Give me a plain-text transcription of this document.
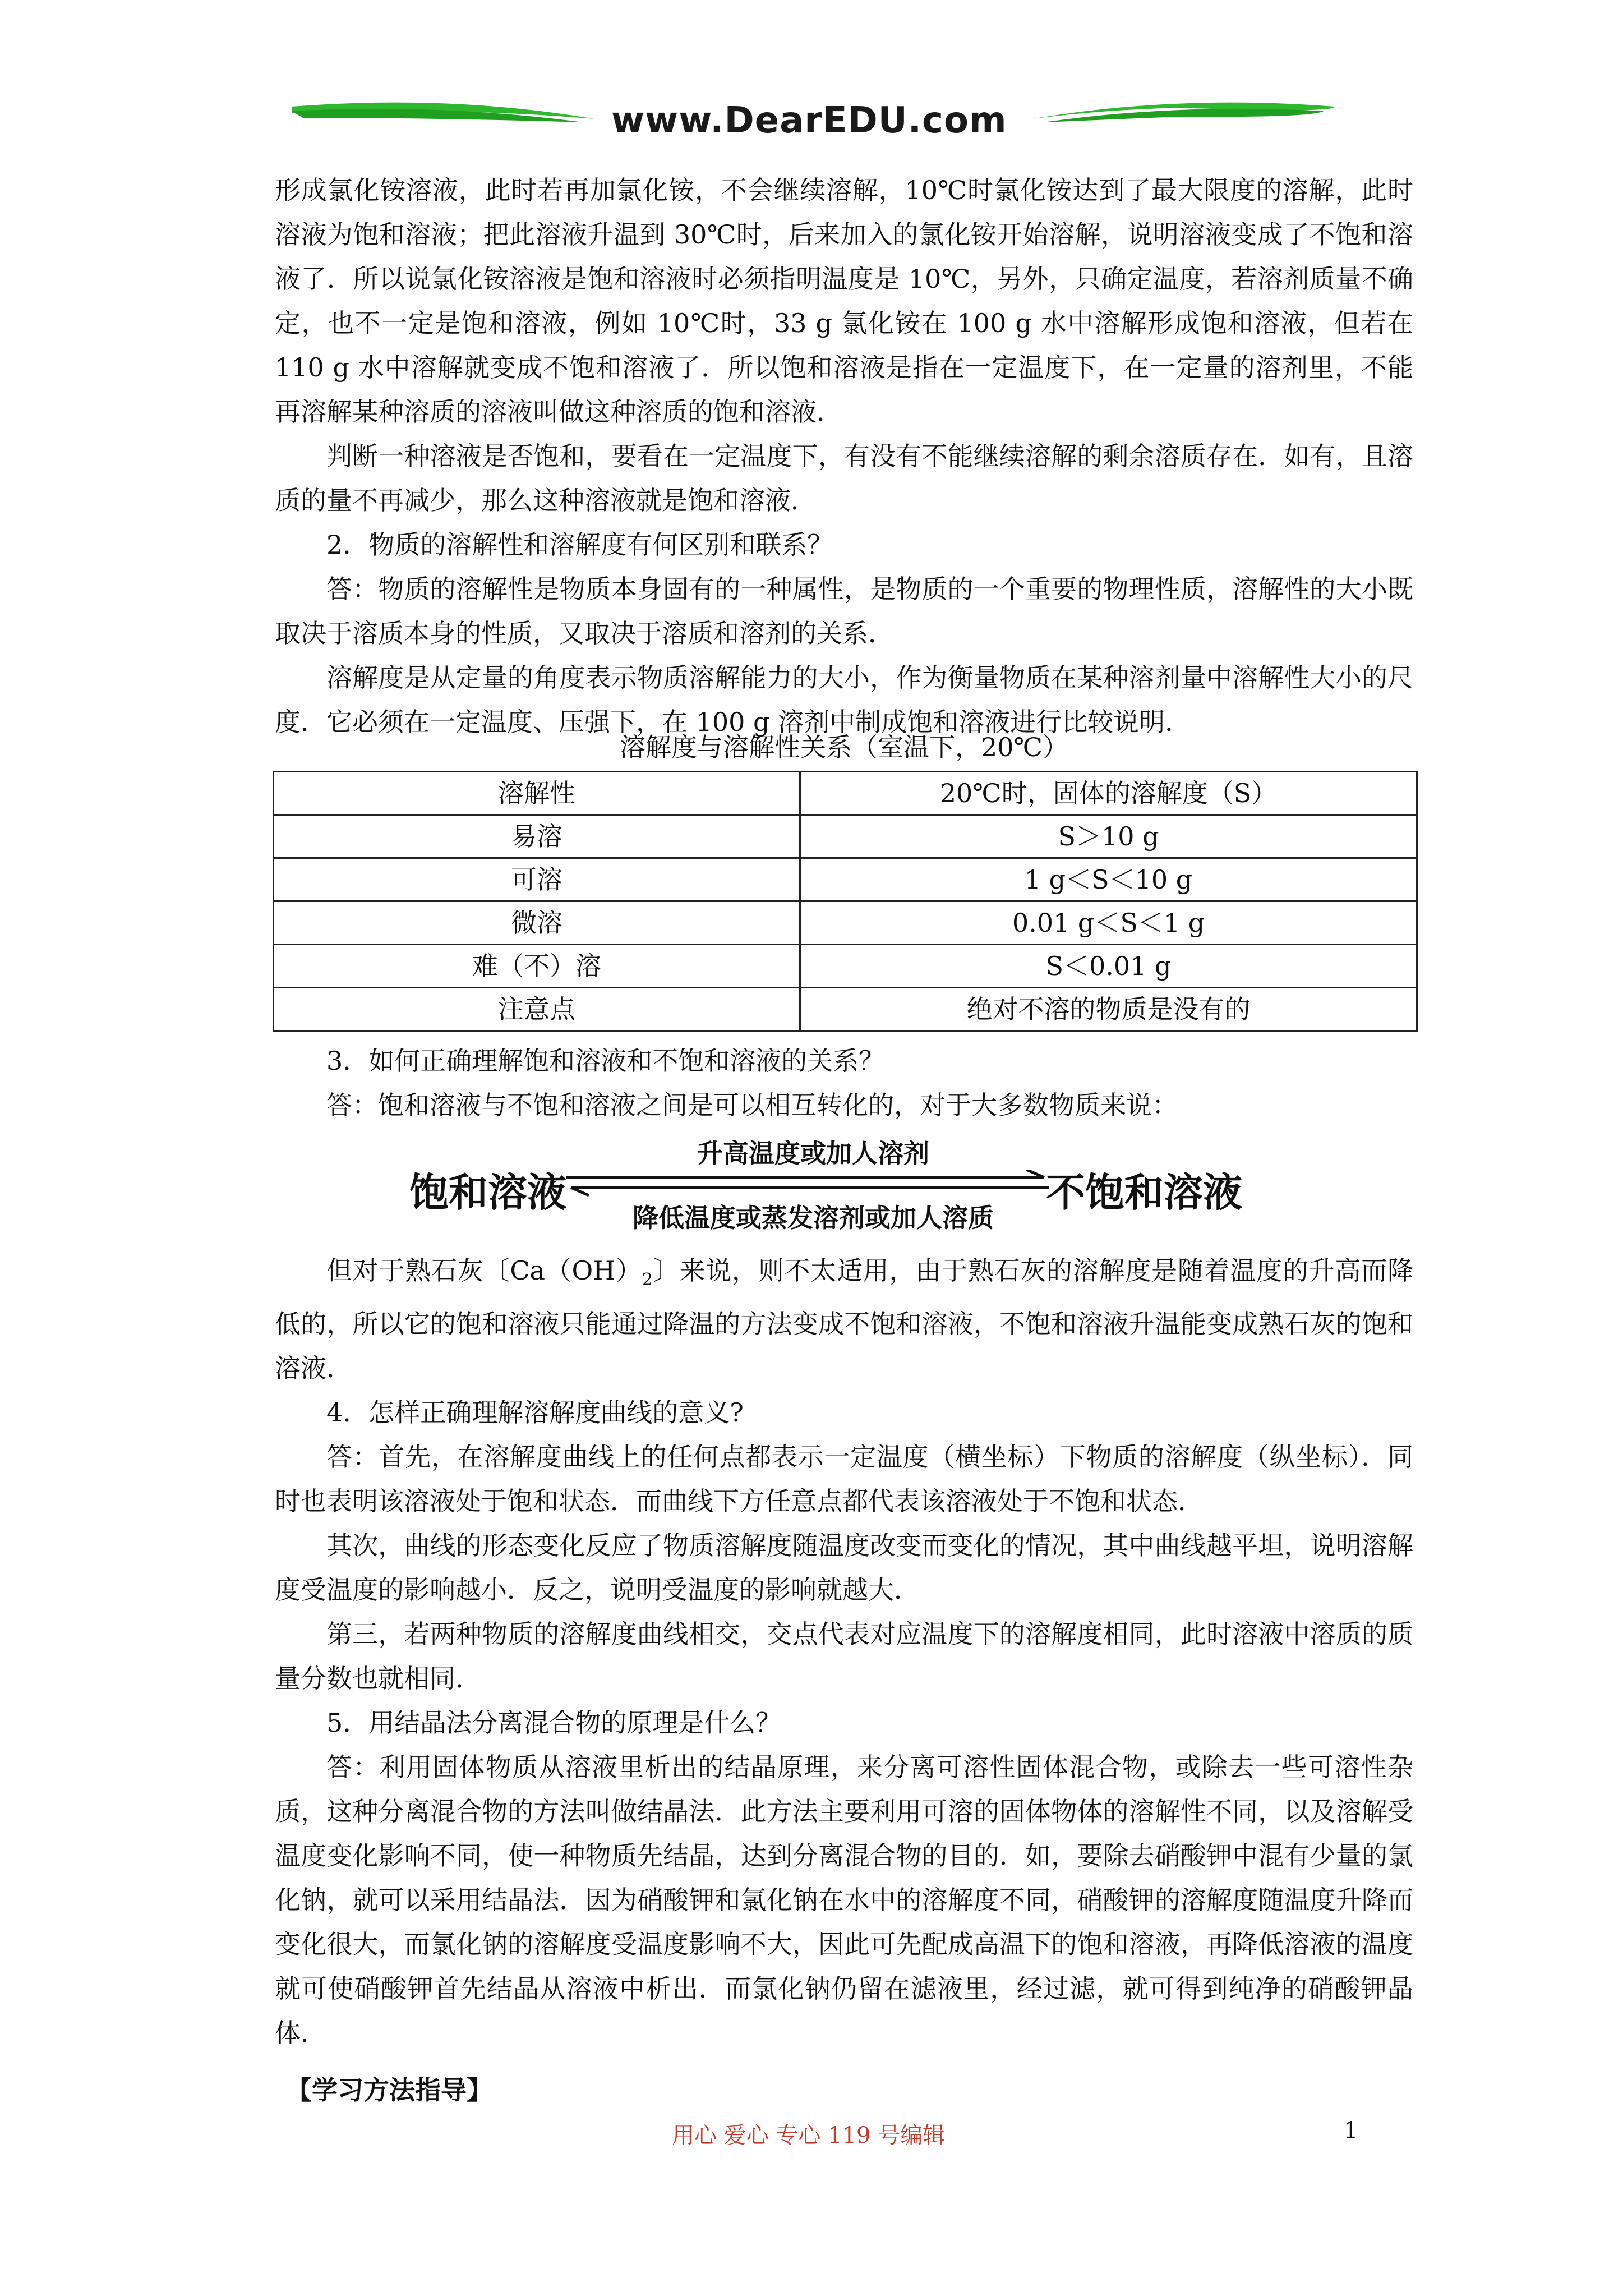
www.DearEDU.com

形成氯化铵溶液，此时若再加氯化铵，不会继续溶解，10℃时氯化铵达到了最大限度的溶解，此时溶液为饱和溶液；把此溶液升温到 30℃时，后来加入的氯化铵开始溶解，说明溶液变成了不饱和溶液了．所以说氯化铵溶液是饱和溶液时必须指明温度是 10℃，另外，只确定温度，若溶剂质量不确定，也不一定是饱和溶液，例如 10℃时，33 g 氯化铵在 100 g 水中溶解形成饱和溶液，但若在 110 g 水中溶解就变成不饱和溶液了．所以饱和溶液是指在一定温度下，在一定量的溶剂里，不能再溶解某种溶质的溶液叫做这种溶质的饱和溶液．

判断一种溶液是否饱和，要看在一定温度下，有没有不能继续溶解的剩余溶质存在．如有，且溶质的量不再减少，那么这种溶液就是饱和溶液．

2．物质的溶解性和溶解度有何区别和联系？

答：物质的溶解性是物质本身固有的一种属性，是物质的一个重要的物理性质，溶解性的大小既取决于溶质本身的性质，又取决于溶质和溶剂的关系．

溶解度是从定量的角度表示物质溶解能力的大小，作为衡量物质在某种溶剂量中溶解性大小的尺度．它必须在一定温度、压强下，在 100 g 溶剂中制成饱和溶液进行比较说明．

溶解度与溶解性关系（室温下，20℃）
溶解性	20℃时，固体的溶解度（S）
易溶	S＞10 g
可溶	1 g＜S＜10 g
微溶	0.01 g＜S＜1 g
难（不）溶	S＜0.01 g
注意点	绝对不溶的物质是没有的

3．如何正确理解饱和溶液和不饱和溶液的关系？

答：饱和溶液与不饱和溶液之间是可以相互转化的，对于大多数物质来说：

升高温度或加人溶剂
饱和溶液	不饱和溶液
降低温度或蒸发溶剂或加人溶质

但对于熟石灰〔$Ca(OH)_2$〕来说，则不太适用，由于熟石灰的溶解度是随着温度的升高而降低的，所以它的饱和溶液只能通过降温的方法变成不饱和溶液，不饱和溶液升温能变成熟石灰的饱和溶液．

4．怎样正确理解溶解度曲线的意义?

答：首先，在溶解度曲线上的任何点都表示一定温度（横坐标）下物质的溶解度（纵坐标）．同时也表明该溶液处于饱和状态．而曲线下方任意点都代表该溶液处于不饱和状态．

其次，曲线的形态变化反应了物质溶解度随温度改变而变化的情况，其中曲线越平坦，说明溶解度受温度的影响越小．反之，说明受温度的影响就越大．

第三，若两种物质的溶解度曲线相交，交点代表对应温度下的溶解度相同，此时溶液中溶质的质量分数也就相同．

5．用结晶法分离混合物的原理是什么？

答：利用固体物质从溶液里析出的结晶原理，来分离可溶性固体混合物，或除去一些可溶性杂质，这种分离混合物的方法叫做结晶法．此方法主要利用可溶的固体物体的溶解性不同，以及溶解受温度变化影响不同，使一种物质先结晶，达到分离混合物的目的．如，要除去硝酸钾中混有少量的氯化钠，就可以采用结晶法．因为硝酸钾和氯化钠在水中的溶解度不同，硝酸钾的溶解度随温度升降而变化很大，而氯化钠的溶解度受温度影响不大，因此可先配成高温下的饱和溶液，再降低溶液的温度就可使硝酸钾首先结晶从溶液中析出．而氯化钠仍留在滤液里，经过滤，就可得到纯净的硝酸钾晶体．

【学习方法指导】
用心 爱心 专心 119 号编辑	1
